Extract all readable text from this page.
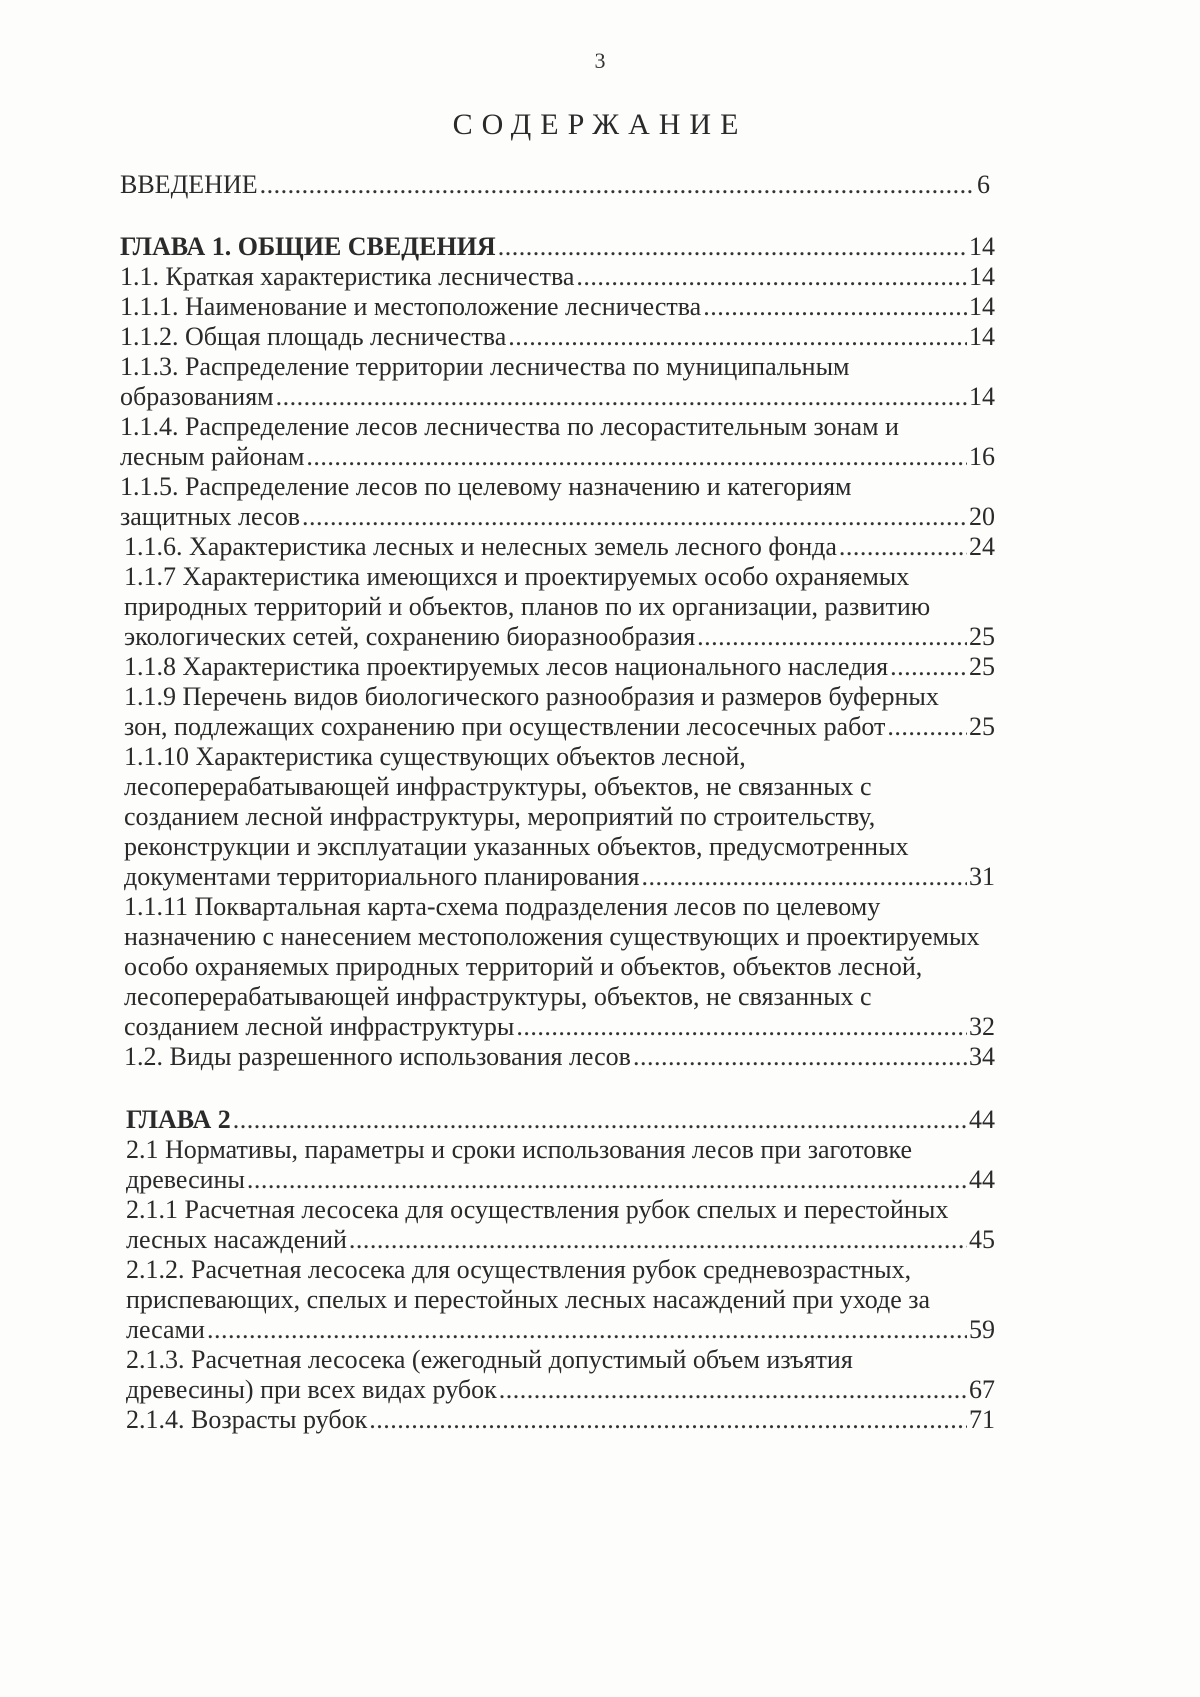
3
СОДЕРЖАНИЕ
ВВЕДЕНИЕ .....	6
ГЛАВА 1. ОБЩИЕ СВЕДЕНИЯ .....	14
1.1. Краткая характеристика лесничества .....	14
1.1.1. Наименование и местоположение лесничества .....	14
1.1.2. Общая площадь лесничества .....	14
1.1.3. Распределение территории лесничества по муниципальным
образованиям .....	14
1.1.4. Распределение лесов лесничества по лесорастительным зонам и
лесным районам .....	16
1.1.5. Распределение лесов по целевому назначению и категориям
защитных лесов .....	20
1.1.6. Характеристика лесных и нелесных земель лесного фонда .....	24
1.1.7 Характеристика имеющихся и проектируемых особо охраняемых
природных территорий и объектов, планов по их организации, развитию
экологических сетей, сохранению биоразнообразия .....	25
1.1.8 Характеристика проектируемых лесов национального наследия .....	25
1.1.9 Перечень видов биологического разнообразия и размеров буферных
зон, подлежащих сохранению при осуществлении лесосечных работ .....	25
1.1.10 Характеристика существующих объектов лесной,
лесоперерабатывающей инфраструктуры, объектов, не связанных с
созданием лесной инфраструктуры, мероприятий по строительству,
реконструкции и эксплуатации указанных объектов, предусмотренных
документами территориального планирования .....	31
1.1.11 Поквартальная карта-схема подразделения лесов по целевому
назначению с нанесением местоположения существующих и проектируемых
особо охраняемых природных территорий и объектов, объектов лесной,
лесоперерабатывающей инфраструктуры, объектов, не связанных с
созданием лесной инфраструктуры .....	32
1.2. Виды разрешенного использования лесов .....	34
ГЛАВА 2 .....	44
2.1 Нормативы, параметры и сроки использования лесов при заготовке
древесины .....	44
2.1.1 Расчетная лесосека для осуществления рубок спелых и перестойных
лесных насаждений .....	45
2.1.2. Расчетная лесосека для осуществления рубок средневозрастных,
приспевающих, спелых и перестойных лесных насаждений при уходе за
лесами .....	59
2.1.3. Расчетная лесосека (ежегодный допустимый объем изъятия
древесины) при всех видах рубок .....	67
2.1.4. Возрасты рубок .....	71
